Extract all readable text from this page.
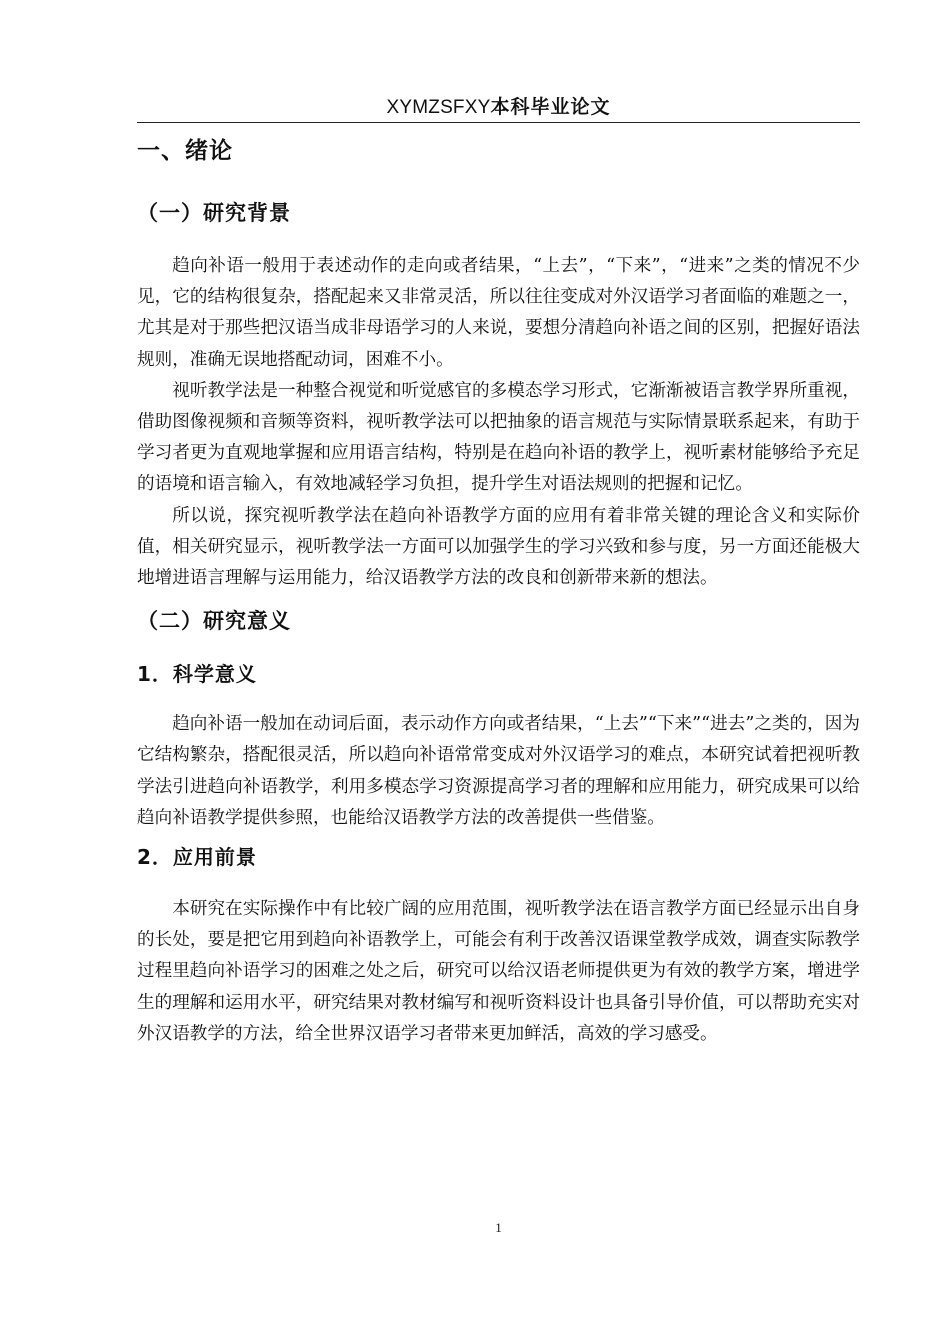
XYMZSFXY本科毕业论文
一、绪论
（一）研究背景

趋向补语一般用于表述动作的走向或者结果，“上去”，“下来”，“进来”之类的情况不少见，它的结构很复杂，搭配起来又非常灵活，所以往往变成对外汉语学习者面临的难题之一，尤其是对于那些把汉语当成非母语学习的人来说，要想分清趋向补语之间的区别，把握好语法规则，准确无误地搭配动词，困难不小。

视听教学法是一种整合视觉和听觉感官的多模态学习形式，它渐渐被语言教学界所重视，借助图像视频和音频等资料，视听教学法可以把抽象的语言规范与实际情景联系起来，有助于学习者更为直观地掌握和应用语言结构，特别是在趋向补语的教学上，视听素材能够给予充足的语境和语言输入，有效地减轻学习负担，提升学生对语法规则的把握和记忆。

所以说，探究视听教学法在趋向补语教学方面的应用有着非常关键的理论含义和实际价值，相关研究显示，视听教学法一方面可以加强学生的学习兴致和参与度，另一方面还能极大地增进语言理解与运用能力，给汉语教学方法的改良和创新带来新的想法。

（二）研究意义
1．科学意义

趋向补语一般加在动词后面，表示动作方向或者结果，“上去”“下来”“进去”之类的，因为它结构繁杂，搭配很灵活，所以趋向补语常常变成对外汉语学习的难点，本研究试着把视听教学法引进趋向补语教学，利用多模态学习资源提高学习者的理解和应用能力，研究成果可以给趋向补语教学提供参照，也能给汉语教学方法的改善提供一些借鉴。

2．应用前景

本研究在实际操作中有比较广阔的应用范围，视听教学法在语言教学方面已经显示出自身的长处，要是把它用到趋向补语教学上，可能会有利于改善汉语课堂教学成效，调查实际教学过程里趋向补语学习的困难之处之后，研究可以给汉语老师提供更为有效的教学方案，增进学生的理解和运用水平，研究结果对教材编写和视听资料设计也具备引导价值，可以帮助充实对外汉语教学的方法，给全世界汉语学习者带来更加鲜活，高效的学习感受。

1
